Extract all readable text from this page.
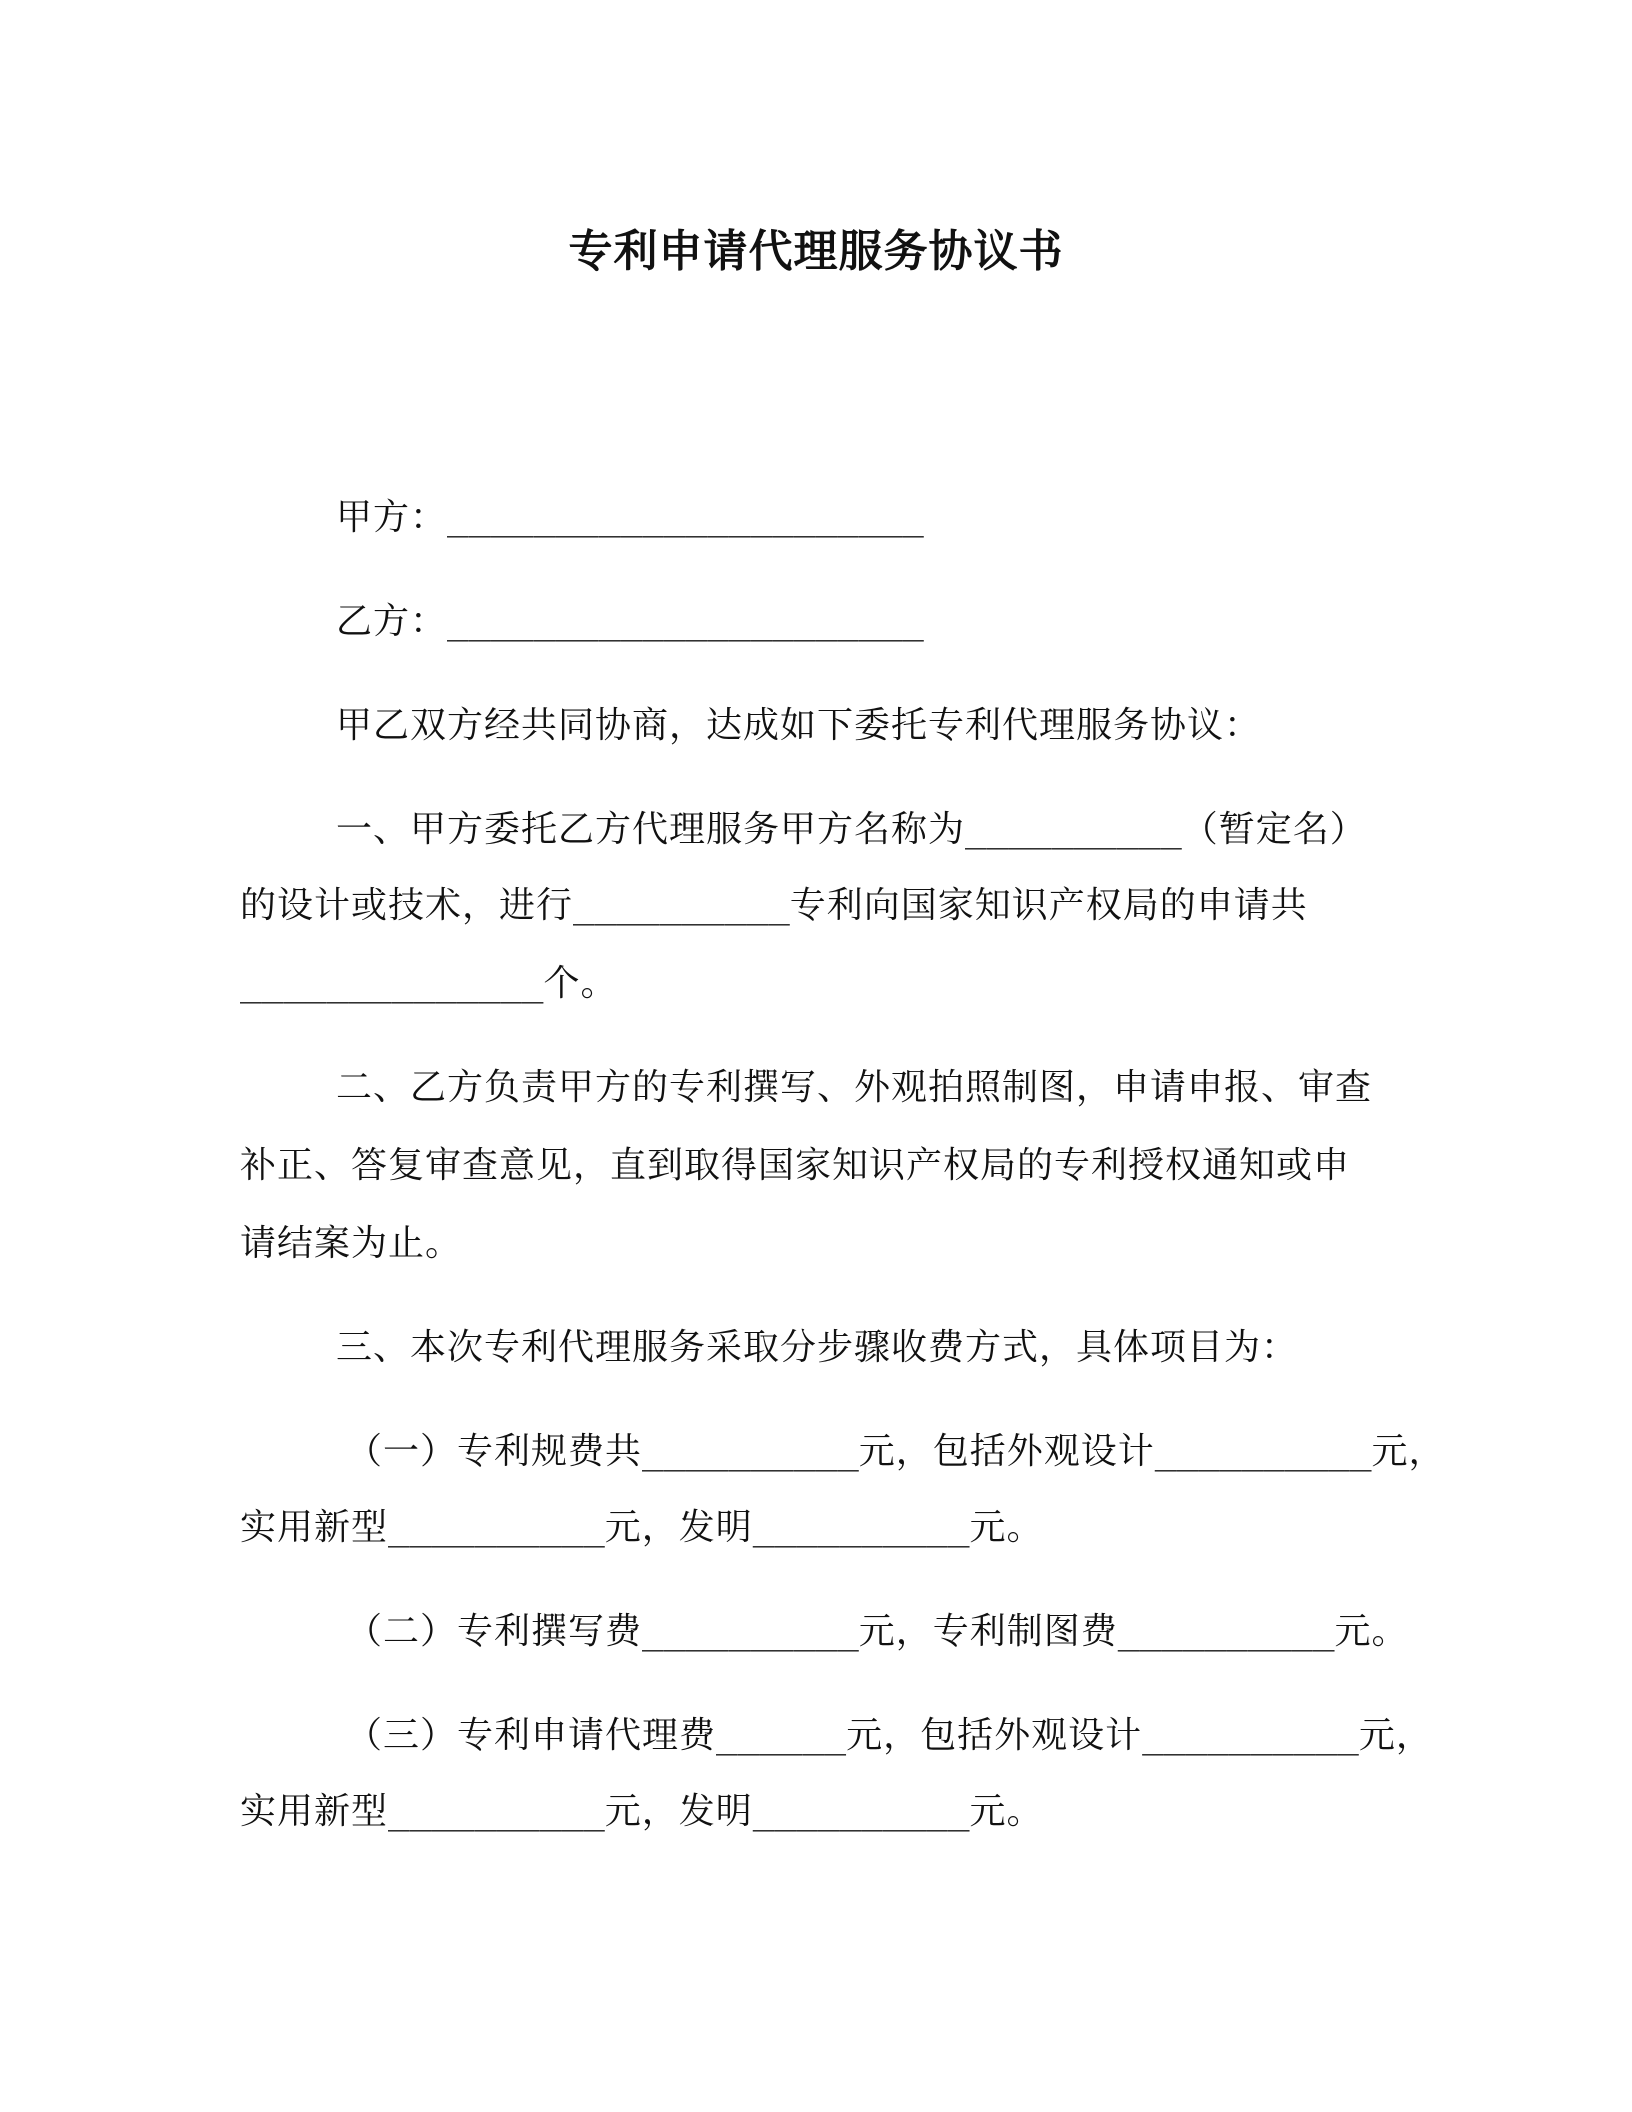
专利申请代理服务协议书
甲方：______________________
乙方：______________________
甲乙双方经共同协商，达成如下委托专利代理服务协议：
一、甲方委托乙方代理服务甲方名称为__________（暂定名）
的设计或技术，进行__________专利向国家知识产权局的申请共
______________个。
二、乙方负责甲方的专利撰写、外观拍照制图，申请申报、审查
补正、答复审查意见，直到取得国家知识产权局的专利授权通知或申
请结案为止。
三、本次专利代理服务采取分步骤收费方式，具体项目为：
（一）专利规费共__________元，包括外观设计__________元，
实用新型__________元，发明__________元。
（二）专利撰写费__________元，专利制图费__________元。
（三）专利申请代理费______元，包括外观设计__________元，
实用新型__________元，发明__________元。
